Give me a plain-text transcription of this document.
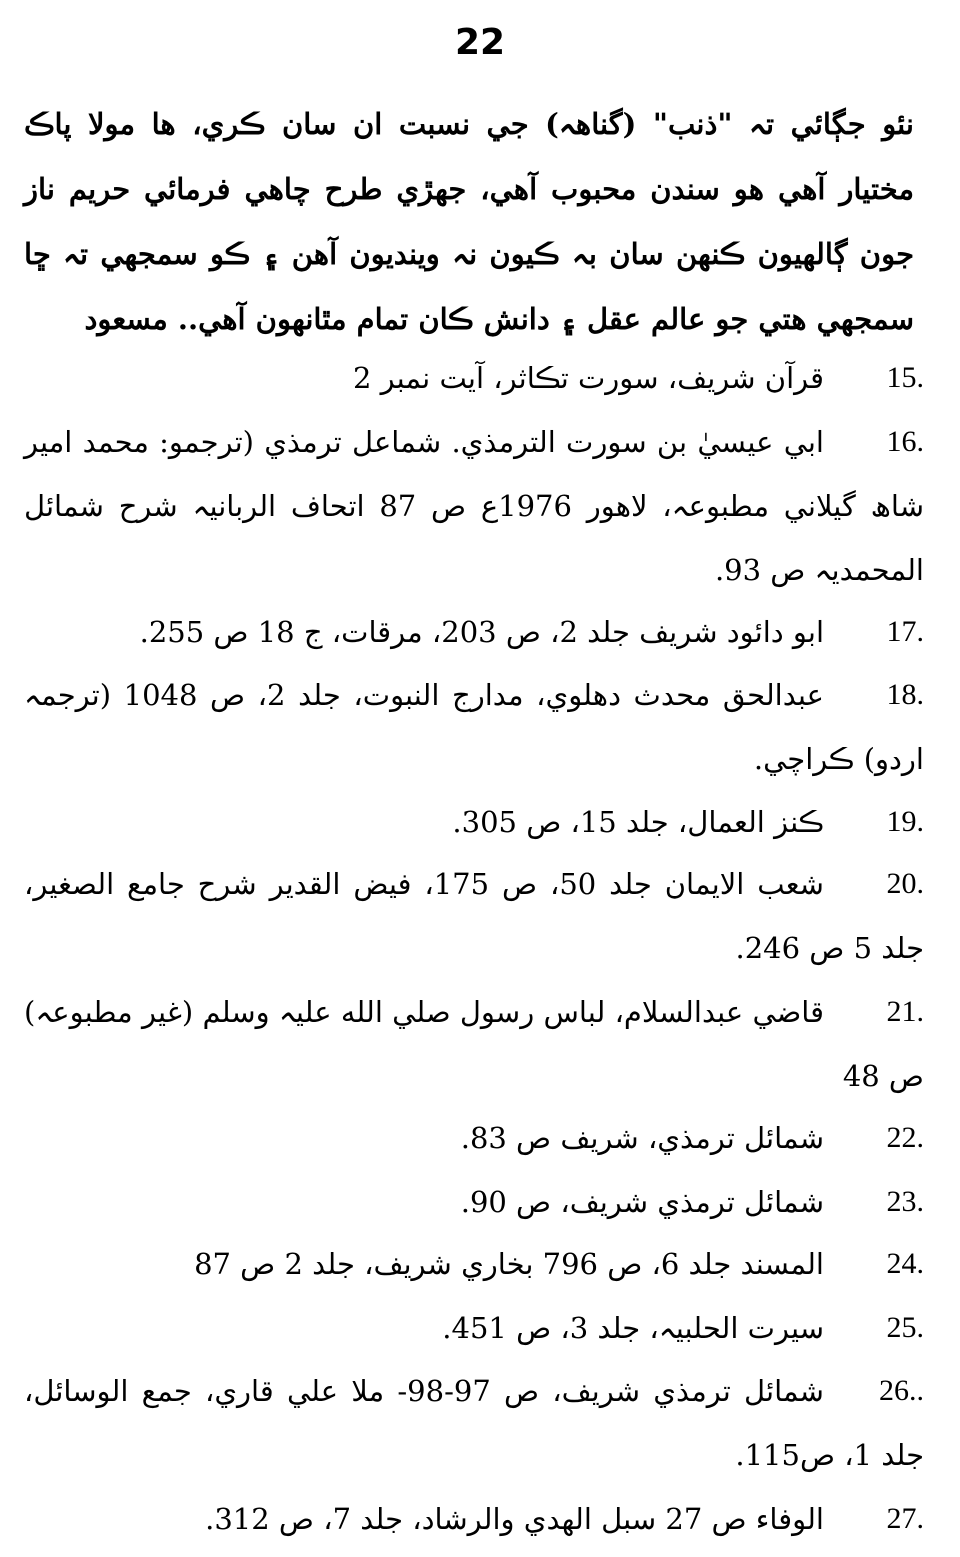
22
نئو جڳائي تہ "ذنب" (گناھہ) جي نسبت ان سان ڪري، ھا مولا پاڪ مختيار آھي ھو سندن محبوب آھي، جھڙي طرح چاھي فرمائي حريم ناز جون ڳالھيون ڪنھن سان بہ ڪيون نہ ويندیون آھن ۽ ڪو سمجھي تہ ڇا سمجھي ھتي جو عالم عقل ۽ دانش ڪان تمام مٿانھون آھي.. مسعود
.15
قرآن شريف، سورت تڪاثر، آيت نمبر 2
.16
ابي عيسيٰ بن سورت الترمذي. شماعل ترمذي (ترجمو: محمد امير شاھ گيلاني مطبوعہ، لاھور 1976ع ص 87 اتحاف الربانيہ شرح شمائل المحمديہ ص 93.
.17
ابو دائود شريف جلد 2، ص 203، مرقات، ج 18 ص 255.
.18
عبدالحق محدث دھلوي، مدارج النبوت، جلد 2، ص 1048 (ترجمہ اردو) ڪراچي.
.19
ڪنز العمال، جلد 15، ص 305.
.20
شعب الايمان جلد 50، ص 175، فيض القدير شرح جامع الصغير، جلد 5 ص 246.
.21
قاضي عبدالسلام، لباس رسول صلي الله عليہ وسلم (غير مطبوعہ) ص 48
.22
شمائل ترمذي، شريف ص 83.
.23
شمائل ترمذي شريف، ص 90.
.24
المسند جلد 6، ص 796 بخاري شريف، جلد 2 ص 87
.25
سيرت الحلبيہ، جلد 3، ص 451.
..26
شمائل ترمذي شريف، ص 97-98- ملا علي قاري، جمع الوسائل، جلد 1، ص115.
.27
الوفاء ص 27 سبل الهدي والرشاد، جلد 7، ص 312.
